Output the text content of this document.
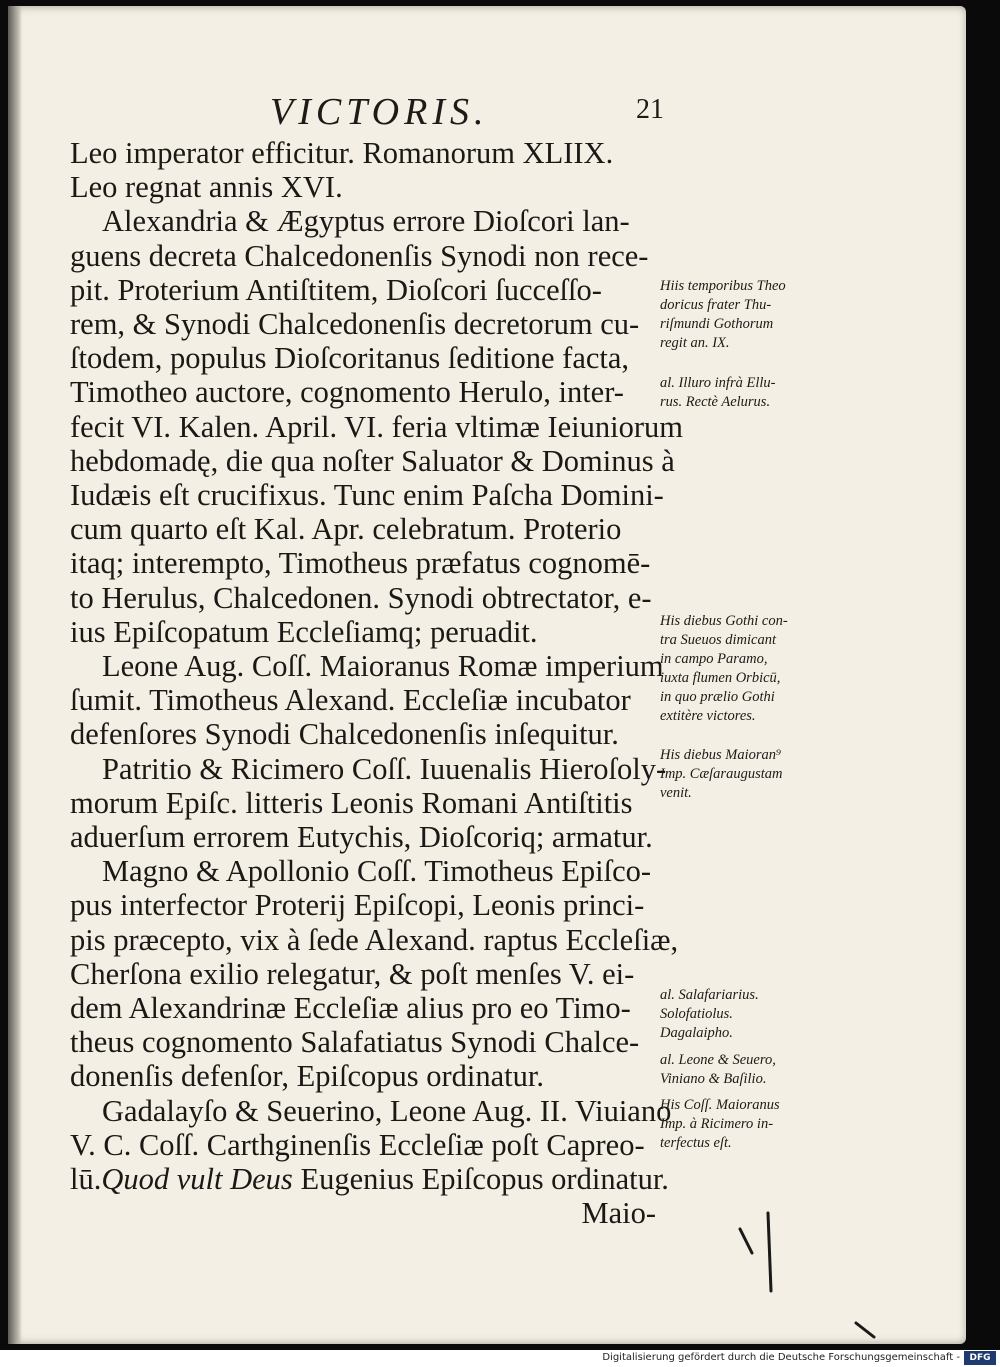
VICTORIS.	21
Leo imperator efficitur. Romanorum XLIIX.
Leo regnat annis XVI.
Alexandria & Ægyptus errore Dioſcori lan-
guens decreta Chalcedonenſis Synodi non rece-
pit. Proterium Antiſtitem, Dioſcori ſucceſſo-
rem, & Synodi Chalcedonenſis decretorum cu-
ſtodem, populus Dioſcoritanus ſeditione facta,
Timotheo auctore, cognomento Herulo, inter-
fecit VI. Kalen. April. VI. feria vltimæ Ieiuniorum
hebdomadę, die qua noſter Saluator & Dominus à
Iudæis eſt crucifixus. Tunc enim Paſcha Domini-
cum quarto eſt Kal. Apr. celebratum. Proterio
itaq; interempto, Timotheus præfatus cognomē-
to Herulus, Chalcedonen. Synodi obtrectator, e-
ius Epiſcopatum Eccleſiamq; peruadit.
Leone Aug. Coſſ. Maioranus Romæ imperium
ſumit. Timotheus Alexand. Eccleſiæ incubator
defenſores Synodi Chalcedonenſis inſequitur.
Patritio & Ricimero Coſſ. Iuuenalis Hieroſoly-
morum Epiſc. litteris Leonis Romani Antiſtitis
aduerſum errorem Eutychis, Dioſcoriq; armatur.
Magno & Apollonio Coſſ. Timotheus Epiſco-
pus interfector Proterij Epiſcopi, Leonis princi-
pis præcepto, vix à ſede Alexand. raptus Eccleſiæ,
Cherſona exilio relegatur, & poſt menſes V. ei-
dem Alexandrinæ Eccleſiæ alius pro eo Timo-
theus cognomento Salafatiatus Synodi Chalce-
donenſis defenſor, Epiſcopus ordinatur.
Gadalayſo & Seuerino, Leone Aug. II. Viuiano
V. C. Coſſ. Carthginenſis Eccleſiæ poſt Capreo-
lū.Quod vult Deus Eugenius Epiſcopus ordinatur.
Maio-
Hiis temporibus Theo
doricus frater Thu-
riſmundi Gothorum
regit an. IX.
al. Illuro infrà Ellu-
rus. Rectè Aelurus.
His diebus Gothi con-
tra Sueuos dimicant
in campo Paramo,
iuxta flumen Orbicū,
in quo prælio Gothi
extitère victores.
His diebus Maioran⁹
Imp. Cæſaraugustam
venit.
al. Salafariarius.
Solofatiolus.
Dagalaipho.
al. Leone & Seuero,
Viniano & Baſilio.
His Coſſ. Maioranus
Imp. à Ricimero in-
terfectus eſt.
Digitalisierung gefördert durch die Deutsche Forschungsgemeinschaft -	DFG
